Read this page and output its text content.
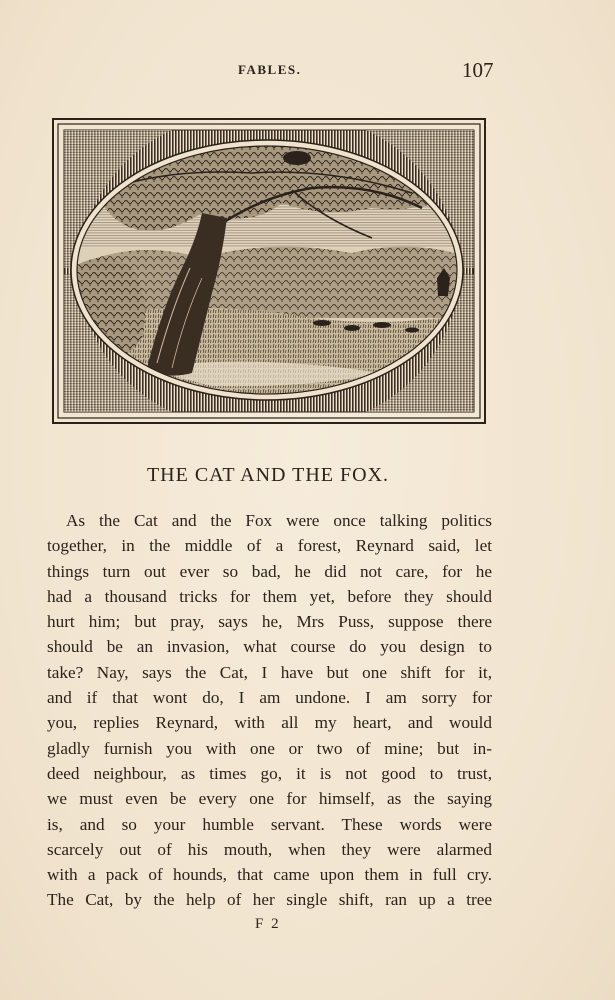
FABLES.	107
THE CAT AND THE FOX.
As the Cat and the Fox were once talking politics
together, in the middle of a forest, Reynard said, let
things turn out ever so bad, he did not care, for he
had a thousand tricks for them yet, before they should
hurt him; but pray, says he, Mrs Puss, suppose there
should be an invasion, what course do you design to
take? Nay, says the Cat, I have but one shift for it,
and if that wont do, I am undone. I am sorry for
you, replies Reynard, with all my heart, and would
gladly furnish you with one or two of mine; but in-
deed neighbour, as times go, it is not good to trust,
we must even be every one for himself, as the saying
is, and so your humble servant. These words were
scarcely out of his mouth, when they were alarmed
with a pack of hounds, that came upon them in full cry.
The Cat, by the help of her single shift, ran up a tree
F 2
